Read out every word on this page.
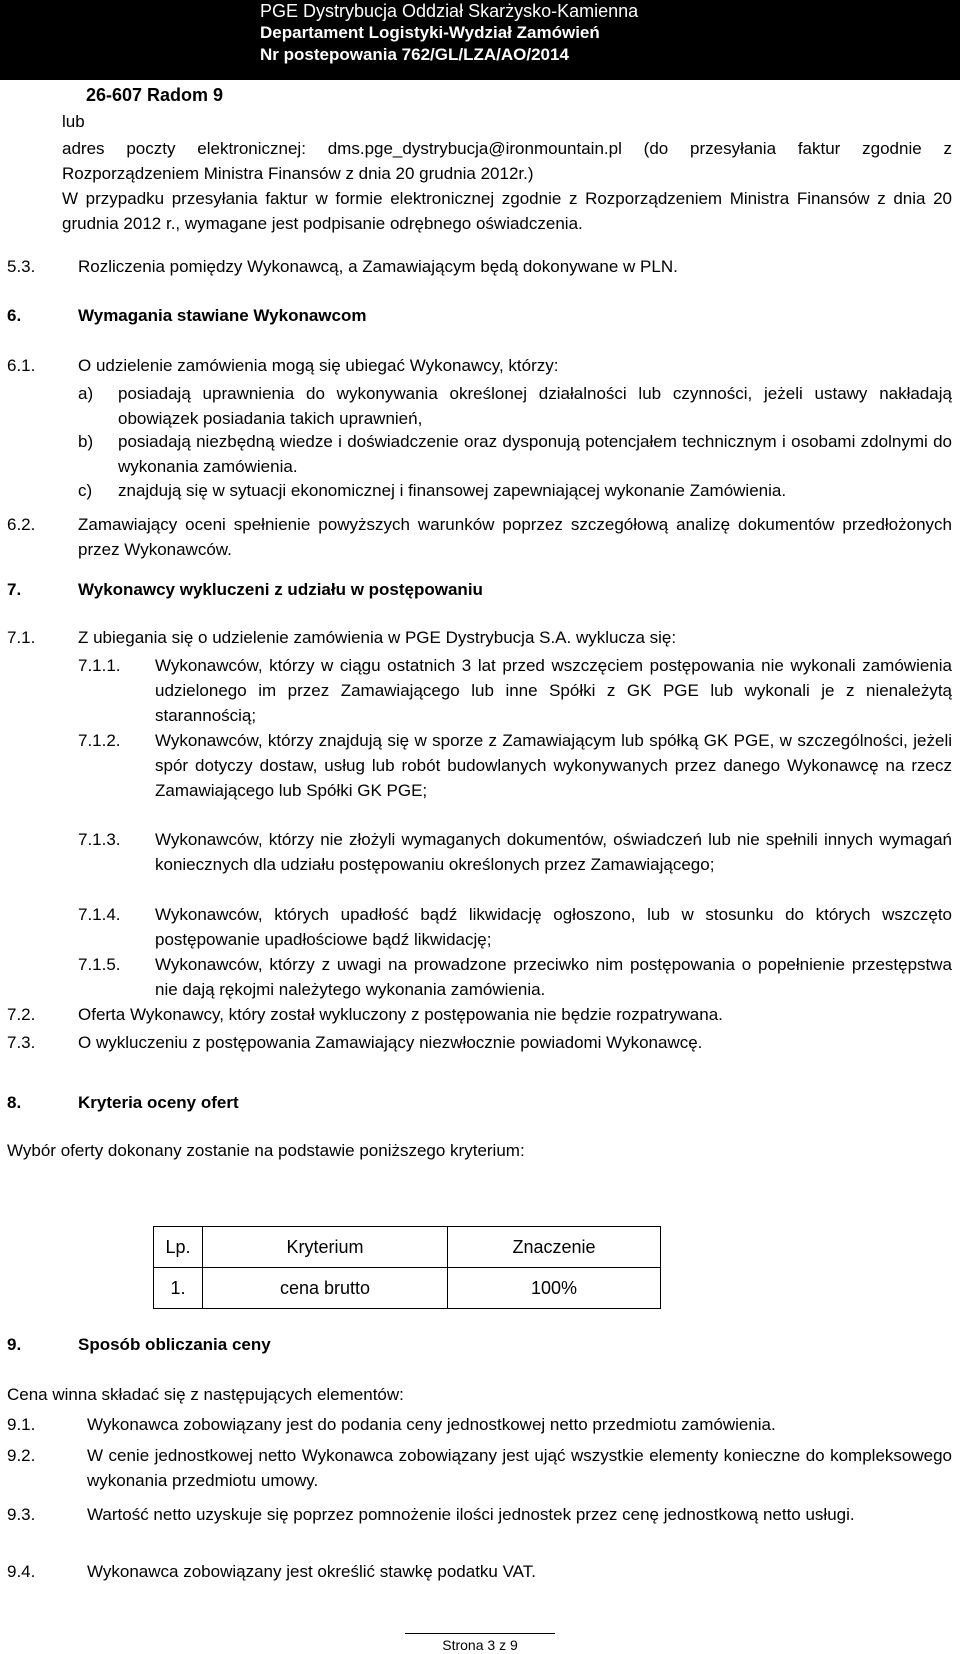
PGE Dystrybucja Oddział Skarżysko-Kamienna
Departament Logistyki-Wydział Zamówień
Nr postepowania 762/GL/LZA/AO/2014
26-607 Radom 9
lub
adres poczty elektronicznej: dms.pge_dystrybucja@ironmountain.pl (do przesyłania faktur zgodnie z Rozporządzeniem Ministra Finansów z dnia 20 grudnia 2012r.)
W przypadku przesyłania faktur w formie elektronicznej zgodnie z Rozporządzeniem Ministra Finansów z dnia 20 grudnia 2012 r., wymagane jest podpisanie odrębnego oświadczenia.
5.3.	Rozliczenia pomiędzy Wykonawcą, a Zamawiającym będą dokonywane w PLN.
6.	Wymagania stawiane Wykonawcom
6.1.	O udzielenie zamówienia mogą się ubiegać Wykonawcy, którzy:
a) posiadają uprawnienia do wykonywania określonej działalności lub czynności, jeżeli ustawy nakładają obowiązek posiadania takich uprawnień,
b) posiadają niezbędną wiedze i doświadczenie oraz dysponują potencjałem technicznym i osobami zdolnymi do wykonania zamówienia.
c) znajdują się w sytuacji ekonomicznej i finansowej zapewniającej wykonanie Zamówienia.
6.2.	Zamawiający oceni spełnienie powyższych warunków poprzez szczegółową analizę dokumentów przedłożonych przez Wykonawców.
7.	Wykonawcy wykluczeni z udziału w postępowaniu
7.1.	Z ubiegania się o udzielenie zamówienia w PGE Dystrybucja S.A. wyklucza się:
7.1.1. Wykonawców, którzy w ciągu ostatnich 3 lat przed wszczęciem postępowania nie wykonali zamówienia udzielonego im przez Zamawiającego lub inne Spółki z GK PGE lub wykonali je z nienależytą starannością;
7.1.2. Wykonawców, którzy znajdują się w sporze z Zamawiającym lub spółką GK PGE, w szczególności, jeżeli spór dotyczy dostaw, usług lub robót budowlanych wykonywanych przez danego Wykonawcę na rzecz Zamawiającego lub Spółki GK PGE;
7.1.3. Wykonawców, którzy nie złożyli wymaganych dokumentów, oświadczeń lub nie spełnili innych wymagań koniecznych dla udziału postępowaniu określonych przez Zamawiającego;
7.1.4. Wykonawców, których upadłość bądź likwidację ogłoszono, lub w stosunku do których wszczęto postępowanie upadłościowe bądź likwidację;
7.1.5. Wykonawców, którzy z uwagi na prowadzone przeciwko nim postępowania o popełnienie przestępstwa nie dają rękojmi należytego wykonania zamówienia.
7.2.	Oferta Wykonawcy, który został wykluczony z postępowania nie będzie rozpatrywana.
7.3.	O wykluczeniu z postępowania Zamawiający niezwłocznie powiadomi Wykonawcę.
8.	Kryteria oceny ofert
Wybór oferty dokonany zostanie na podstawie poniższego kryterium:
Lp.	Kryterium	Znaczenie
1.	cena brutto	100%
9.	Sposób obliczania ceny
Cena winna składać się z następujących elementów:
9.1.	Wykonawca zobowiązany jest do podania ceny jednostkowej netto przedmiotu zamówienia.
9.2.	W cenie jednostkowej netto Wykonawca zobowiązany jest ująć wszystkie elementy konieczne do kompleksowego wykonania przedmiotu umowy.
9.3.	Wartość netto uzyskuje się poprzez pomnożenie ilości jednostek przez cenę jednostkową netto usługi.
9.4.	Wykonawca zobowiązany jest określić stawkę podatku VAT.
Strona 3 z 9
